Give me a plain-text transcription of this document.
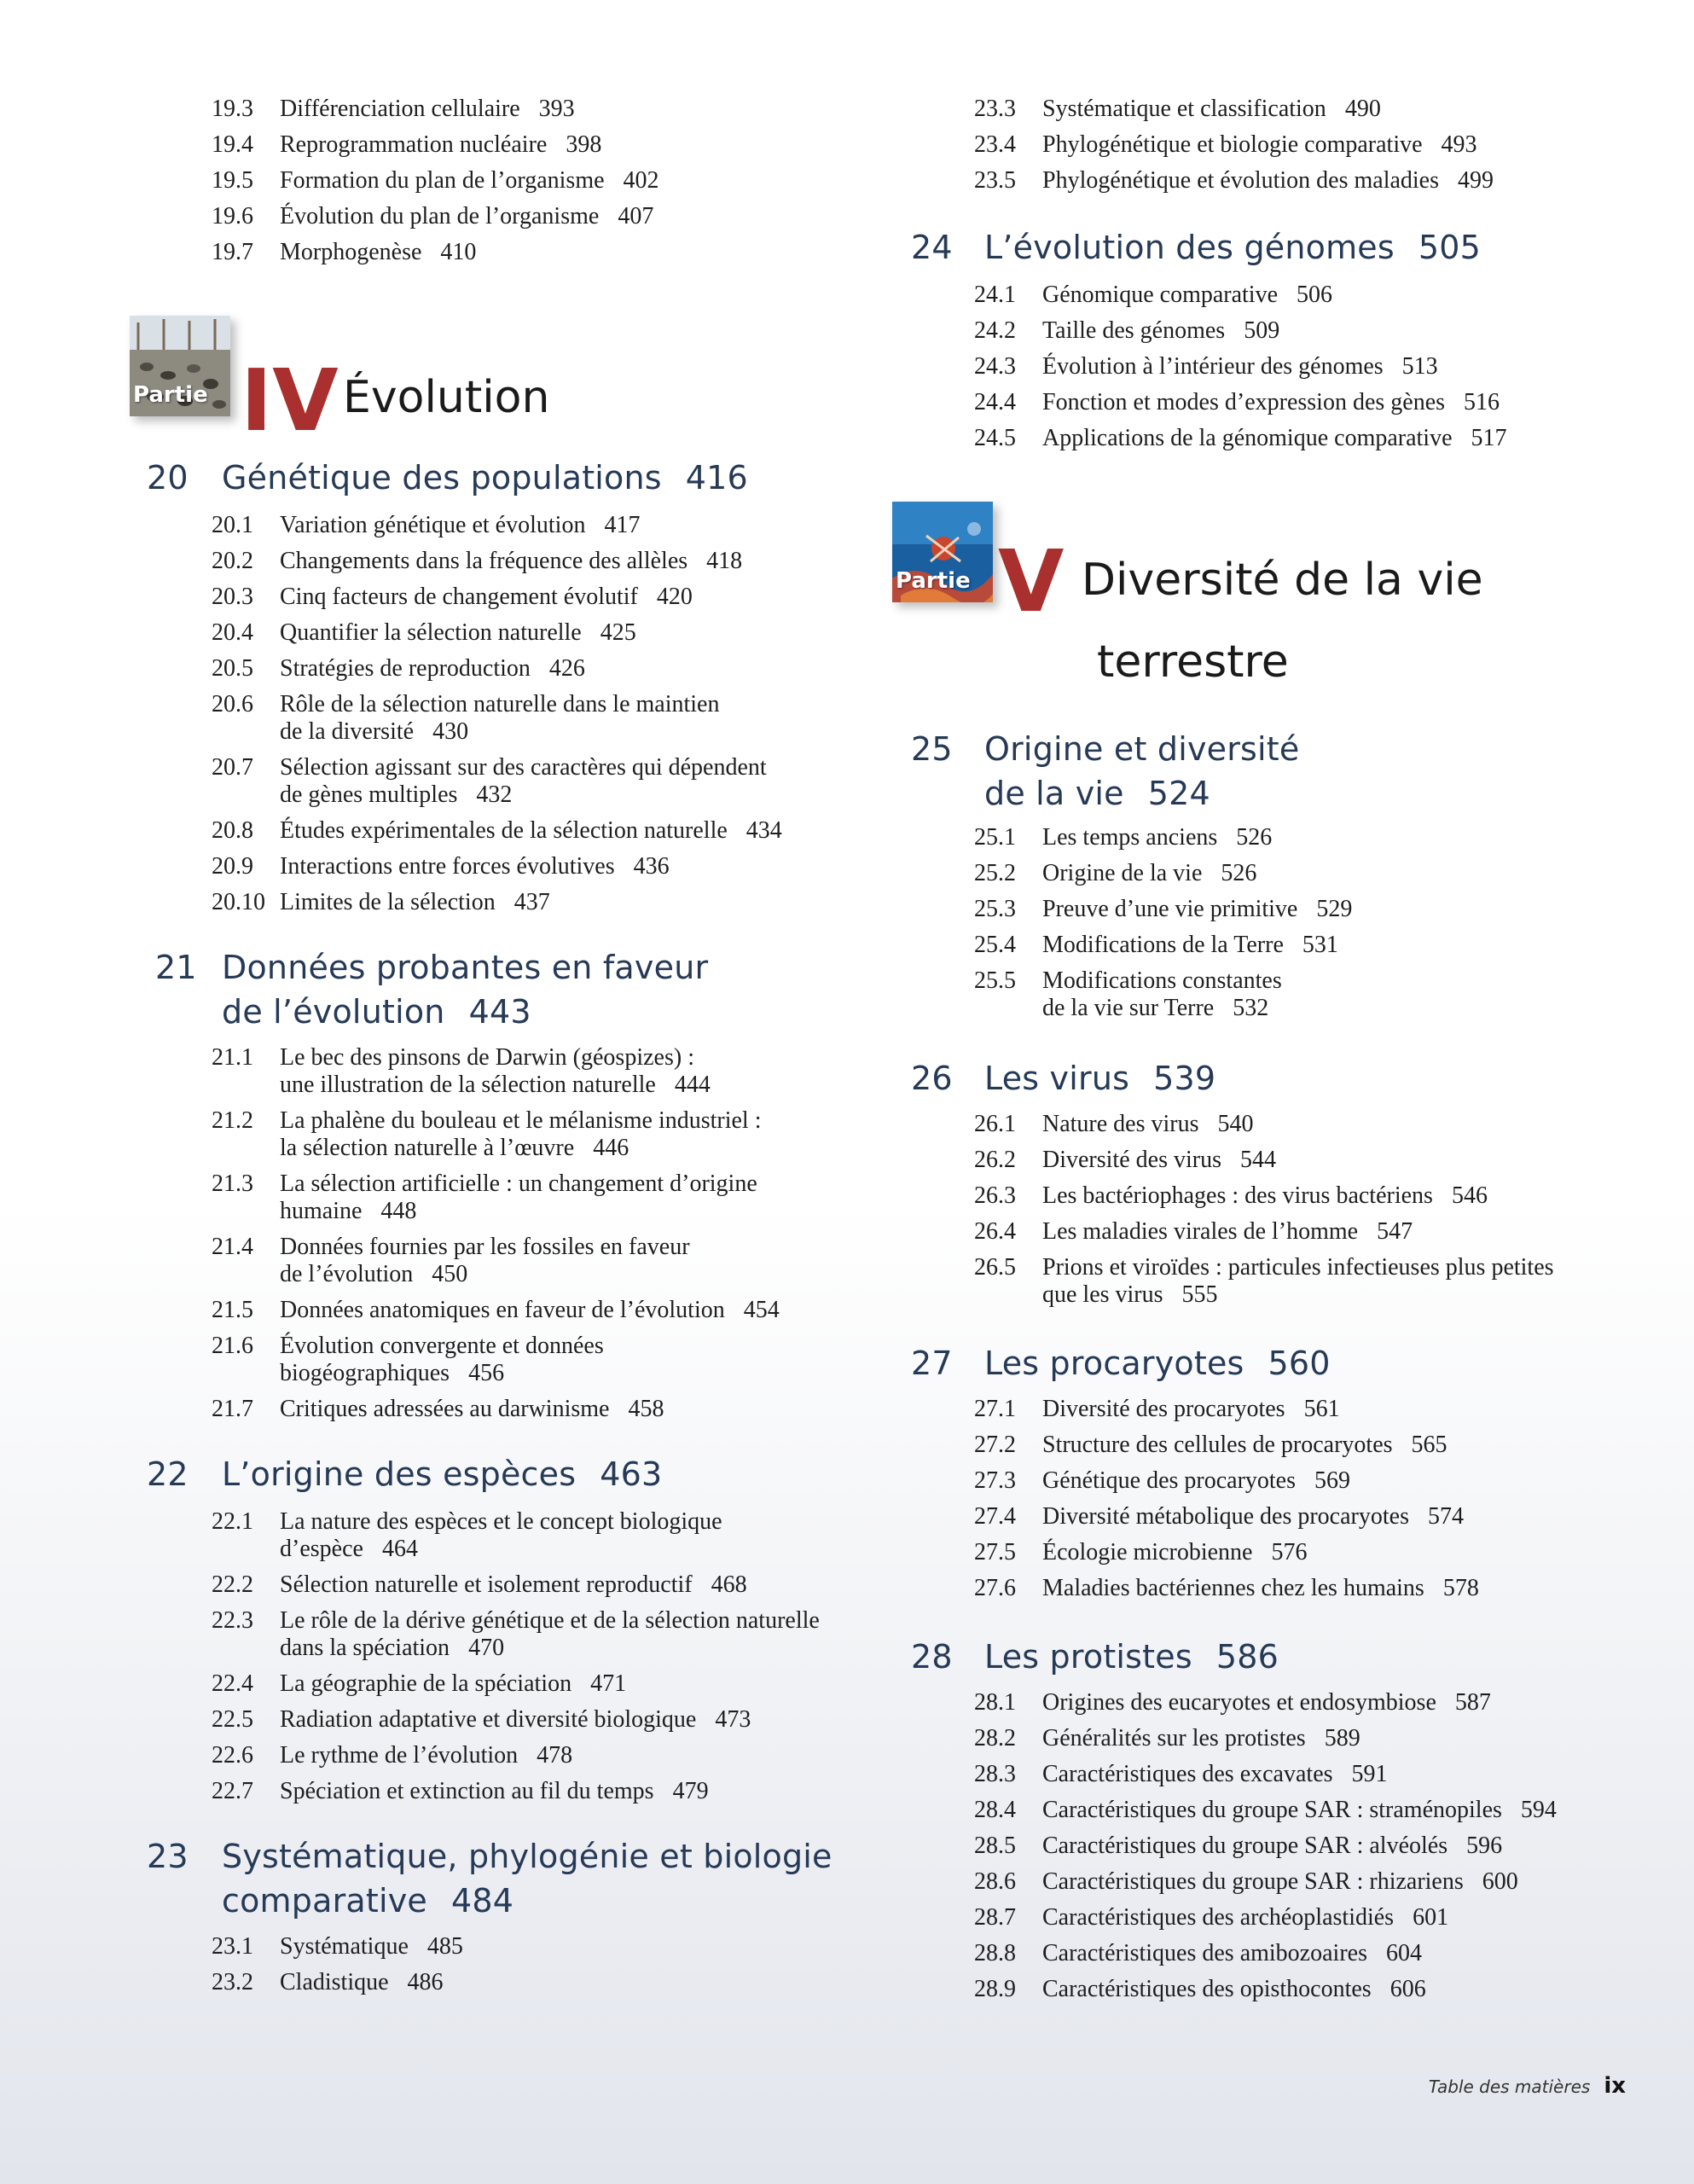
19.3 Différenciation cellulaire 393
19.4 Reprogrammation nucléaire 398
19.5 Formation du plan de l’organisme 402
19.6 Évolution du plan de l’organisme 407
19.7 Morphogenèse 410
Partie IV Évolution
20 Génétique des populations 416
20.1 Variation génétique et évolution 417
20.2 Changements dans la fréquence des allèles 418
20.3 Cinq facteurs de changement évolutif 420
20.4 Quantifier la sélection naturelle 425
20.5 Stratégies de reproduction 426
20.6 Rôle de la sélection naturelle dans le maintien
de la diversité 430
20.7 Sélection agissant sur des caractères qui dépendent
de gènes multiples 432
20.8 Études expérimentales de la sélection naturelle 434
20.9 Interactions entre forces évolutives 436
20.10 Limites de la sélection 437
21 Données probantes en faveur
de l’évolution 443
21.1 Le bec des pinsons de Darwin (géospizes) :
une illustration de la sélection naturelle 444
21.2 La phalène du bouleau et le mélanisme industriel :
la sélection naturelle à l’œuvre 446
21.3 La sélection artificielle : un changement d’origine
humaine 448
21.4 Données fournies par les fossiles en faveur
de l’évolution 450
21.5 Données anatomiques en faveur de l’évolution 454
21.6 Évolution convergente et données
biogéographiques 456
21.7 Critiques adressées au darwinisme 458
22 L’origine des espèces 463
22.1 La nature des espèces et le concept biologique
d’espèce 464
22.2 Sélection naturelle et isolement reproductif 468
22.3 Le rôle de la dérive génétique et de la sélection naturelle
dans la spéciation 470
22.4 La géographie de la spéciation 471
22.5 Radiation adaptative et diversité biologique 473
22.6 Le rythme de l’évolution 478
22.7 Spéciation et extinction au fil du temps 479
23 Systématique, phylogénie et biologie
comparative 484
23.1 Systématique 485
23.2 Cladistique 486
23.3 Systématique et classification 490
23.4 Phylogénétique et biologie comparative 493
23.5 Phylogénétique et évolution des maladies 499
24 L’évolution des génomes 505
24.1 Génomique comparative 506
24.2 Taille des génomes 509
24.3 Évolution à l’intérieur des génomes 513
24.4 Fonction et modes d’expression des gènes 516
24.5 Applications de la génomique comparative 517
Partie V Diversité de la vie
terrestre
25 Origine et diversité
de la vie 524
25.1 Les temps anciens 526
25.2 Origine de la vie 526
25.3 Preuve d’une vie primitive 529
25.4 Modifications de la Terre 531
25.5 Modifications constantes
de la vie sur Terre 532
26 Les virus 539
26.1 Nature des virus 540
26.2 Diversité des virus 544
26.3 Les bactériophages : des virus bactériens 546
26.4 Les maladies virales de l’homme 547
26.5 Prions et viroïdes : particules infectieuses plus petites
que les virus 555
27 Les procaryotes 560
27.1 Diversité des procaryotes 561
27.2 Structure des cellules de procaryotes 565
27.3 Génétique des procaryotes 569
27.4 Diversité métabolique des procaryotes 574
27.5 Écologie microbienne 576
27.6 Maladies bactériennes chez les humains 578
28 Les protistes 586
28.1 Origines des eucaryotes et endosymbiose 587
28.2 Généralités sur les protistes 589
28.3 Caractéristiques des excavates 591
28.4 Caractéristiques du groupe SAR : straménopiles 594
28.5 Caractéristiques du groupe SAR : alvéolés 596
28.6 Caractéristiques du groupe SAR : rhizariens 600
28.7 Caractéristiques des archéoplastidiés 601
28.8 Caractéristiques des amibozoaires 604
28.9 Caractéristiques des opisthocontes 606
Table des matières ix
